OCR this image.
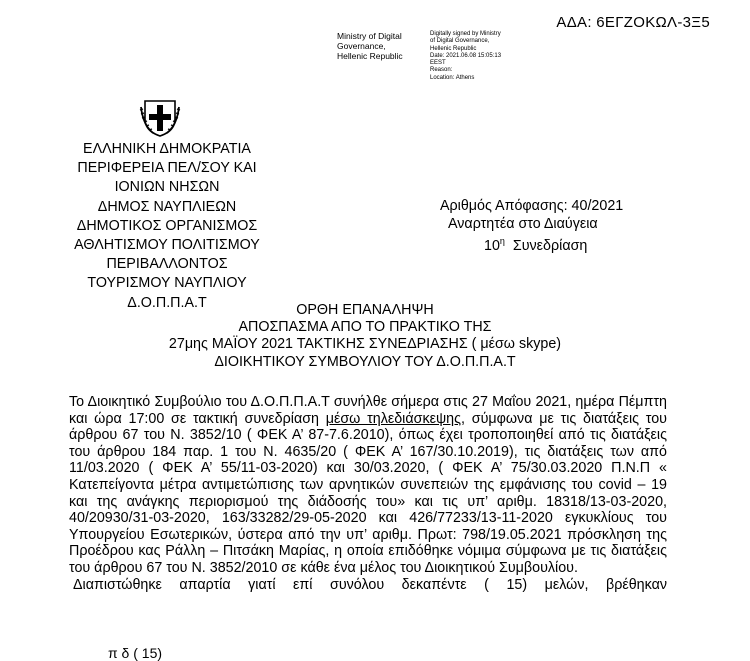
ΑΔΑ: 6ΕΓΖΟΚΩΛ-3Ξ5
Ministry of Digital
Governance,
Hellenic Republic
Digitally signed by Ministry
of Digital Governance,
Hellenic Republic
Date: 2021.06.08 15:05:13
EEST
Reason:
Location: Athens
ΕΛΛΗΝΙΚΗ ΔΗΜΟΚΡΑΤΙΑ
ΠΕΡΙΦΕΡΕΙΑ ΠΕΛ/ΣΟΥ ΚΑΙ
ΙΟΝΙΩΝ ΝΗΣΩΝ
ΔΗΜΟΣ ΝΑΥΠΛΙΕΩΝ
ΔΗΜΟΤΙΚΟΣ ΟΡΓΑΝΙΣΜΟΣ
ΑΘΛΗΤΙΣΜΟΥ ΠΟΛΙΤΙΣΜΟΥ
ΠΕΡΙΒΑΛΛΟΝΤΟΣ
ΤΟΥΡΙΣΜΟΥ ΝΑΥΠΛΙΟΥ
Δ.Ο.Π.Π.Α.Τ
Αριθμός Απόφασης: 40/2021
Αναρτητέα στο Διαύγεια
$10^\eta$ Συνεδρίαση
ΟΡΘΗ ΕΠΑΝΑΛΗΨΗ
ΑΠΟΣΠΑΣΜΑ ΑΠΟ ΤΟ ΠΡΑΚΤΙΚΟ ΤΗΣ
27μης ΜΑΪΟΥ 2021 ΤΑΚΤΙΚΗΣ ΣΥΝΕΔΡΙΑΣΗΣ ( μέσω skype)
ΔΙΟΙΚΗΤΙΚΟΥ ΣΥΜΒΟΥΛΙΟΥ ΤΟΥ Δ.Ο.Π.Π.Α.Τ

Το Διοικητικό Συμβούλιο του Δ.Ο.Π.Π.Α.Τ συνήλθε σήμερα στις 27 Μαΐου 2021, ημέρα Πέμπτη και ώρα 17:00 σε τακτική συνεδρίαση μέσω τηλεδιάσκεψης, σύμφωνα με τις διατάξεις του άρθρου 67 του Ν. 3852/10 ( ΦΕΚ Α’ 87-7.6.2010), όπως έχει τροποποιηθεί από τις διατάξεις του άρθρου 184 παρ. 1 του Ν. 4635/20 ( ΦΕΚ Α’ 167/30.10.2019), τις διατάξεις των από 11/03.2020 ( ΦΕΚ Α’ 55/11-03-2020) και 30/03.2020, ( ΦΕΚ Α’ 75/30.03.2020 Π.Ν.Π « Κατεπείγοντα μέτρα αντιμετώπισης των αρνητικών συνεπειών της εμφάνισης του covid – 19 και της ανάγκης περιορισμού της διάδοσής του» και τις υπ’ αριθμ. 18318/13-03-2020, 40/20930/31-03-2020, 163/33282/29-05-2020 και 426/77233/13-11-2020 εγκυκλίους του Υπουργείου Εσωτερικών, ύστερα από την υπ’ αριθμ. Πρωτ: 798/19.05.2021 πρόσκληση της Προέδρου κας Ράλλη – Πιτσάκη Μαρίας, η οποία επιδόθηκε νόμιμα σύμφωνα με τις διατάξεις του άρθρου 67 του Ν. 3852/2010 σε κάθε ένα μέλος του Διοικητικού Συμβουλίου.

Διαπιστώθηκε απαρτία γιατί επί συνόλου δεκαπέντε ( 15) μελών, βρέθηκαν

π δ ( 15)
